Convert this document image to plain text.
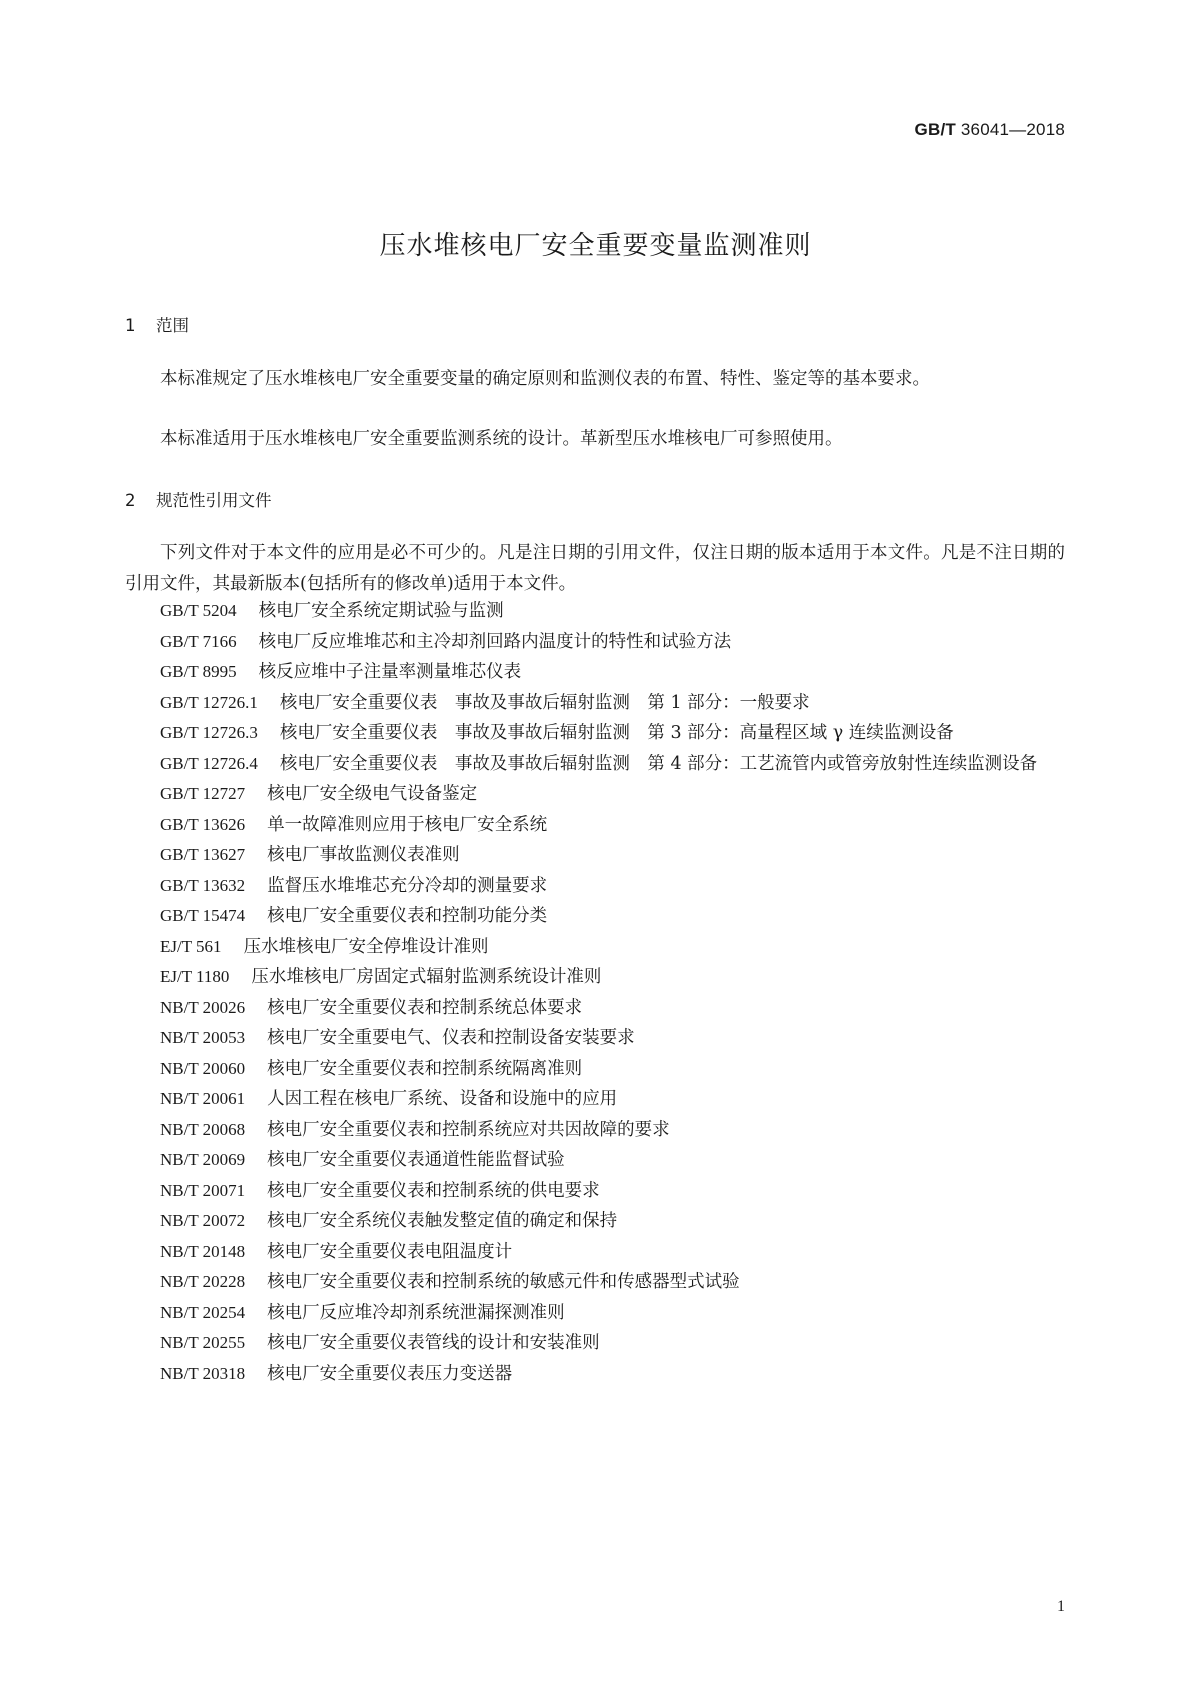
GB/T 36041—2018
压水堆核电厂安全重要变量监测准则
1 范围

本标准规定了压水堆核电厂安全重要变量的确定原则和监测仪表的布置、特性、鉴定等的基本要求。

本标准适用于压水堆核电厂安全重要监测系统的设计。革新型压水堆核电厂可参照使用。

2 规范性引用文件

下列文件对于本文件的应用是必不可少的。凡是注日期的引用文件，仅注日期的版本适用于本文件。凡是不注日期的引用文件，其最新版本(包括所有的修改单)适用于本文件。

GB/T 5204 核电厂安全系统定期试验与监测
GB/T 7166 核电厂反应堆堆芯和主冷却剂回路内温度计的特性和试验方法
GB/T 8995 核反应堆中子注量率测量堆芯仪表
GB/T 12726.1 核电厂安全重要仪表　事故及事故后辐射监测　第 1 部分：一般要求
GB/T 12726.3 核电厂安全重要仪表　事故及事故后辐射监测　第 3 部分：高量程区域 γ 连续监测设备
GB/T 12726.4 核电厂安全重要仪表　事故及事故后辐射监测　第 4 部分：工艺流管内或管旁放射性连续监测设备
GB/T 12727 核电厂安全级电气设备鉴定
GB/T 13626 单一故障准则应用于核电厂安全系统
GB/T 13627 核电厂事故监测仪表准则
GB/T 13632 监督压水堆堆芯充分冷却的测量要求
GB/T 15474 核电厂安全重要仪表和控制功能分类
EJ/T 561 压水堆核电厂安全停堆设计准则
EJ/T 1180 压水堆核电厂房固定式辐射监测系统设计准则
NB/T 20026 核电厂安全重要仪表和控制系统总体要求
NB/T 20053 核电厂安全重要电气、仪表和控制设备安装要求
NB/T 20060 核电厂安全重要仪表和控制系统隔离准则
NB/T 20061 人因工程在核电厂系统、设备和设施中的应用
NB/T 20068 核电厂安全重要仪表和控制系统应对共因故障的要求
NB/T 20069 核电厂安全重要仪表通道性能监督试验
NB/T 20071 核电厂安全重要仪表和控制系统的供电要求
NB/T 20072 核电厂安全系统仪表触发整定值的确定和保持
NB/T 20148 核电厂安全重要仪表电阻温度计
NB/T 20228 核电厂安全重要仪表和控制系统的敏感元件和传感器型式试验
NB/T 20254 核电厂反应堆冷却剂系统泄漏探测准则
NB/T 20255 核电厂安全重要仪表管线的设计和安装准则
NB/T 20318 核电厂安全重要仪表压力变送器
1
